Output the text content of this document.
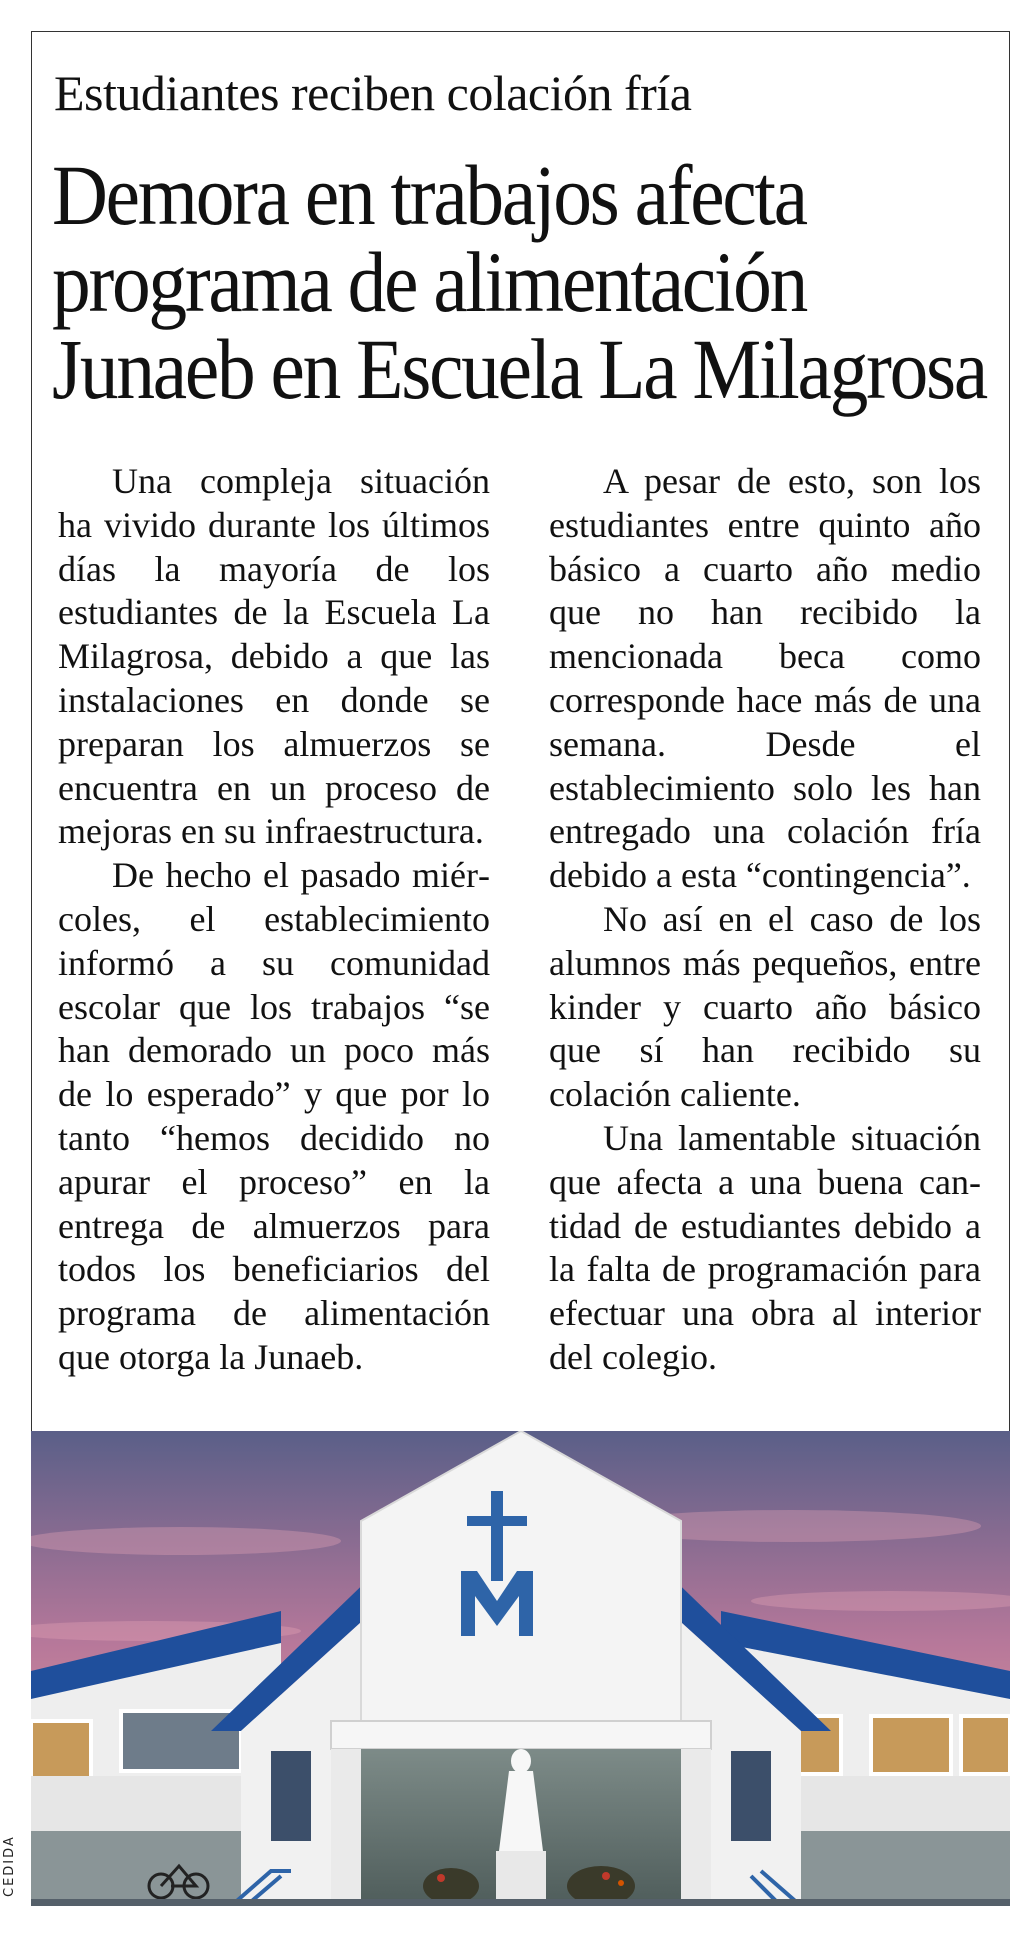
Estudiantes reciben colación fría
Demora en trabajos afecta
programa de alimentación
Junaeb en Escuela La Milagrosa

Una compleja situación ha vivido durante los últimos días la mayoría de los estudiantes de la Escuela La Milagrosa, debido a que las instalaciones en donde se preparan los almuerzos se encuentra en un proceso de mejoras en su infraestructura.

De hecho el pasado miércoles, el establecimiento informó a su comunidad escolar que los trabajos “se han demorado un poco más de lo esperado” y que por lo tanto “hemos decidido no apurar el proceso” en la entrega de almuerzos para todos los beneficiarios del programa de alimentación que otorga la Junaeb.

A pesar de esto, son los estudiantes entre quinto año básico a cuarto año medio que no han recibido la mencionada beca como corresponde hace más de una semana. Desde el establecimiento solo les han entregado una colación fría debido a esta “contingencia”.

No así en el caso de los alumnos más pequeños, entre kinder y cuarto año básico que sí han recibido su colación caliente.

Una lamentable situación que afecta a una buena cantidad de estudiantes debido a la falta de programación para efectuar una obra al interior del colegio.

CEDIDA
